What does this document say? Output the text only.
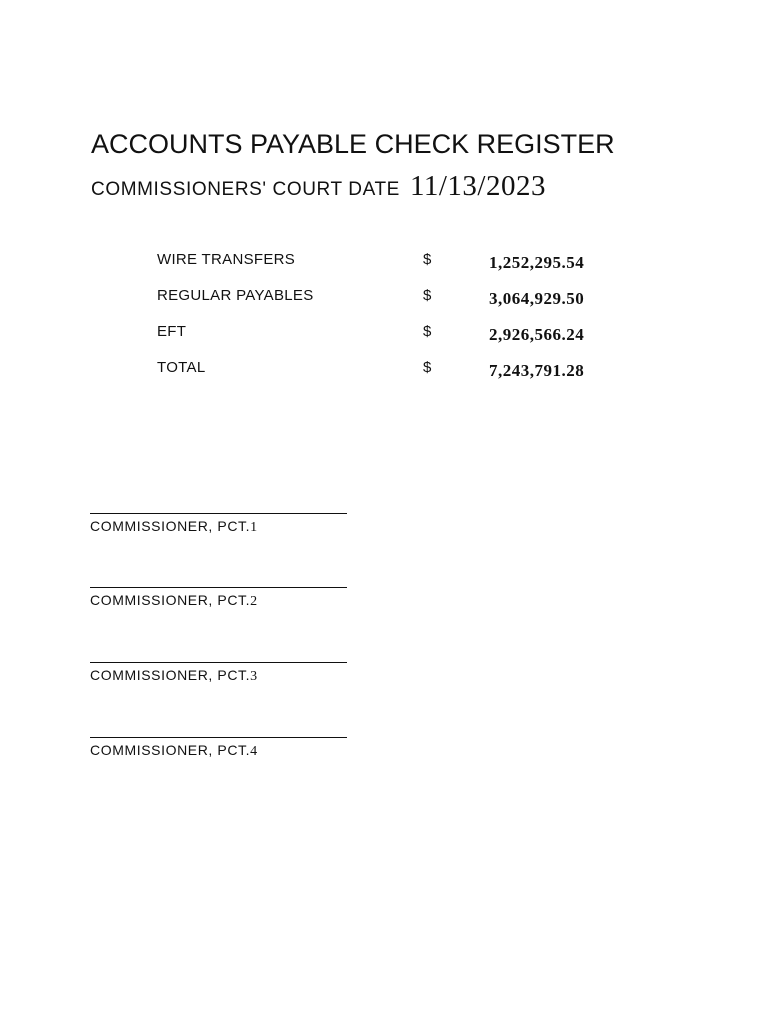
ACCOUNTS PAYABLE CHECK REGISTER
COMMISSIONERS' COURT DATE 11/13/2023
WIRE TRANSFERS	$	1,252,295.54
REGULAR PAYABLES	$	3,064,929.50
EFT	$	2,926,566.24
TOTAL	$	7,243,791.28
COMMISSIONER, PCT.1
COMMISSIONER, PCT.2
COMMISSIONER, PCT.3
COMMISSIONER, PCT.4
